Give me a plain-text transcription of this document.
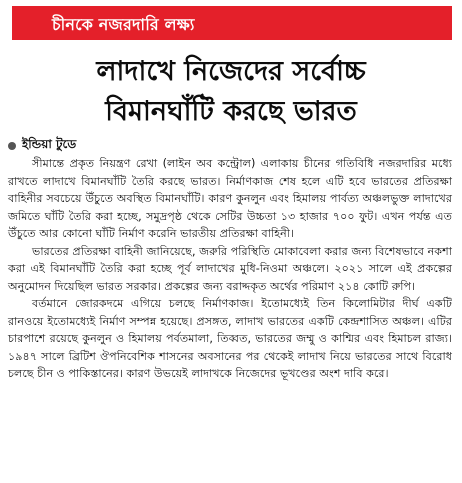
চীনকে নজরদারি লক্ষ্য
লাদাখে নিজেদের সর্বোচ্চ
বিমানঘাঁটি করছে ভারত
ইন্ডিয়া টুডে

সীমান্তে প্রকৃত নিয়ন্ত্রণ রেখা (লাইন অব কন্ট্রোল) এলাকায় চীনের গতিবিধি নজরদারির মধ্যে রাখতে লাদাখে বিমানঘাঁটি তৈরি করছে ভারত। নির্মাণকাজ শেষ হলে এটি হবে ভারতের প্রতিরক্ষা বাহিনীর সবচেয়ে উঁচুতে অবস্থিত বিমানঘাঁটি। কারণ কুনলুন এবং হিমালয় পার্বত্য অঞ্চলভুক্ত লাদাখের জমিতে ঘাঁটি তৈরি করা হচ্ছে, সমুদ্রপৃষ্ঠ থেকে সেটির উচ্চতা ১৩ হাজার ৭০০ ফুট। এখন পর্যন্ত এত উঁচুতে আর কোনো ঘাঁটি নির্মাণ করেনি ভারতীয় প্রতিরক্ষা বাহিনী।

ভারতের প্রতিরক্ষা বাহিনী জানিয়েছে, জরুরি পরিস্থিতি মোকাবেলা করার জন্য বিশেষভাবে নকশা করা এই বিমানঘাঁটি তৈরি করা হচ্ছে পূর্ব লাদাখের মুধি-নিওমা অঞ্চলে। ২০২১ সালে এই প্রকল্পের অনুমোদন দিয়েছিল ভারত সরকার। প্রকল্পের জন্য বরাদ্দকৃত অর্থের পরিমাণ ২১৪ কোটি রুপি।

বর্তমানে জোরকদমে এগিয়ে চলছে নির্মাণকাজ। ইতোমধ্যেই তিন কিলোমিটার দীর্ঘ একটি রানওয়ে ইতোমধ্যেই নির্মাণ সম্পন্ন হয়েছে। প্রসঙ্গত, লাদাখ ভারতের একটি কেন্দ্রশাসিত অঞ্চল। এটির চারপাশে রয়েছে কুনলুন ও হিমালয় পর্বতমালা, তিব্বত, ভারতের জম্মু ও কাশ্মির এবং হিমাচল রাজ্য। ১৯৪৭ সালে ব্রিটিশ ঔপনিবেশিক শাসনের অবসানের পর থেকেই লাদাখ নিয়ে ভারতের সাথে বিরোধ চলছে চীন ও পাকিস্তানের। কারণ উভয়েই লাদাখকে নিজেদের ভূখণ্ডের অংশ দাবি করে।
